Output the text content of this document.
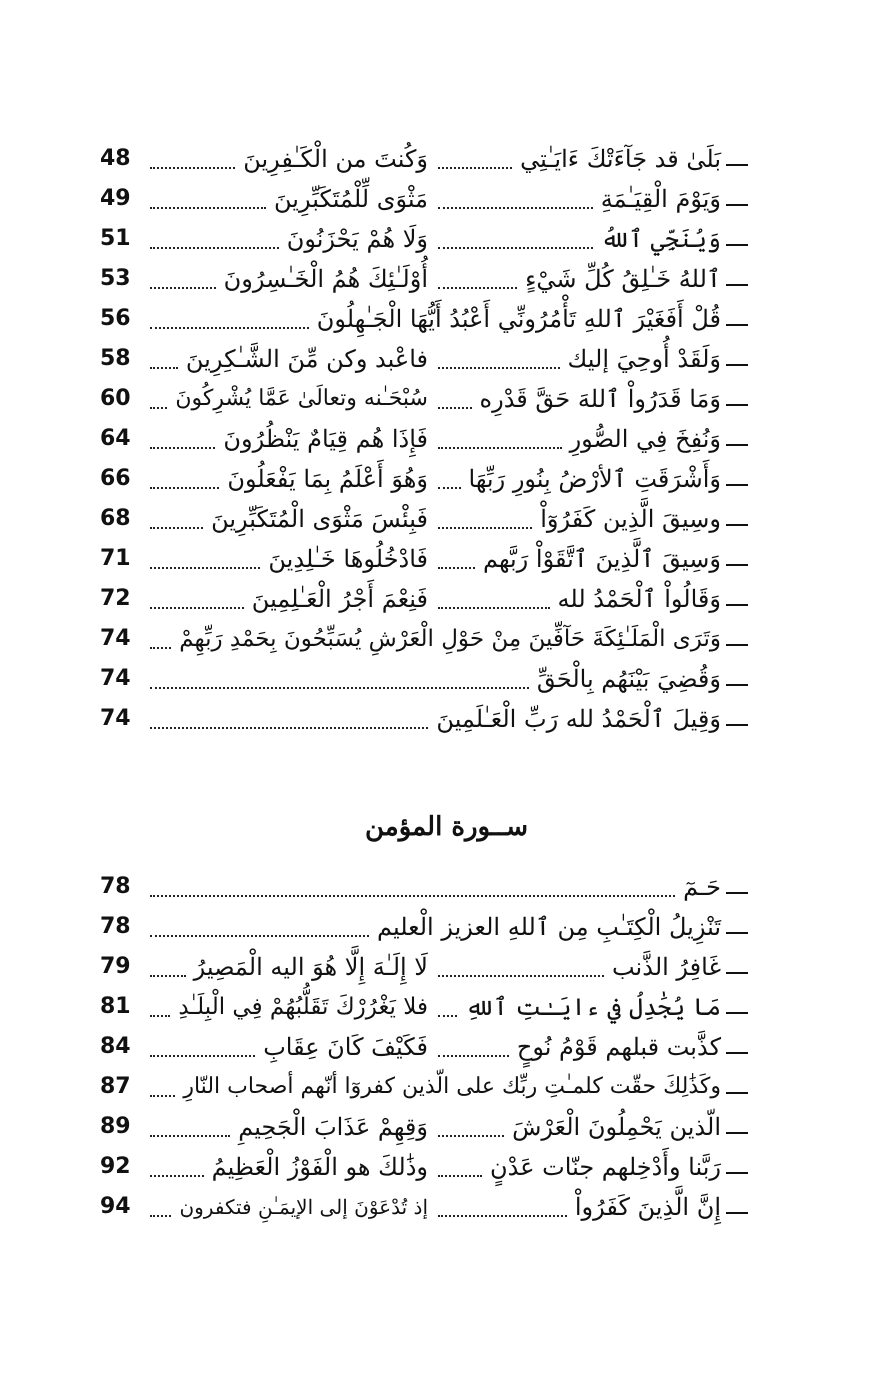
بَلَىٰ قد جَآءَتْكَ ءَايَـٰتِي
وَكُنتَ من الْكَـٰفِرِينَ
48
وَيَوْمَ الْقِيَـٰمَةِ
مَثْوَى لِّلْمُتَكَبِّرِينَ
49
وَيُنَجِّي ٱللهُ
وَلَا هُمْ يَحْزَنُونَ
51
ٱللهُ خَـٰلِقُ كُلِّ شَيْءٍ
أُوْلَـٰئِكَ هُمُ الْخَـٰسِرُونَ
53
قُلْ أَفَغَيْرَ ٱللهِ تَأْمُرُونِّي أَعْبُدُ أَيُّهَا الْجَـٰهِلُونَ
56
وَلَقَدْ أُوحِيَ إليك
فاعْبد وكن مِّنَ الشَّـٰكِرِينَ
58
وَمَا قَدَرُواْ ٱللهَ حَقَّ قَدْرِه
سُبْحَـٰنه وتعالَىٰ عَمَّا يُشْرِكُونَ
60
وَنُفِخَ فِي الصُّورِ
فَإِذَا هُم قِيَامٌ يَنْظُرُونَ
64
وَأَشْرَقَتِ ٱلأرْضُ بِنُورِ رَبِّهَا
وَهُوَ أَعْلَمُ بِمَا يَفْعَلُونَ
66
وسِيقَ الَّذِين كَفَرُوٓاْ
فَبِئْسَ مَثْوَى الْمُتَكَبِّرِينَ
68
وَسِيقَ ٱلَّذِينَ ٱتَّقَوْاْ رَبَّهم
فَادْخُلُوهَا خَـٰلِدِينَ
71
وَقَالُواْ ٱلْحَمْدُ لله
فَنِعْمَ أَجْرُ الْعَـٰلِمِينَ
72
وَتَرَى الْمَلَـٰئِكَةَ حَآفِّينَ مِنْ حَوْلِ الْعَرْشِ يُسَبِّحُونَ بِحَمْدِ رَبِّهِمْ
74
وَقُضِيَ بَيْنَهُم بِالْحَقِّ
74
وَقِيلَ ٱلْحَمْدُ لله رَبِّ الْعَـٰلَمِينَ
74
ســورة المؤمن
حَـمٓ
78
تَنْزِيلُ الْكِتَـٰبِ مِن ٱللهِ العزيز الْعليم
78
غَافِرُ الذَّنب
لَا إِلَـٰهَ إِلَّا هُوَ اليه الْمَصِيرُ
79
مَا يُجَٰدِلُ في ءايَـٰتِ ٱللهِ
فلا يَغْرُرْكَ تَقَلُّبُهُمْ فِي الْبِلَـٰدِ
81
كذَّبت قبلهم قَوْمُ نُوحٍ
فَكَيْفَ كَانَ عِقَابِ
84
وكَذَٰلِكَ حقّت كلمـٰتِ ربِّك على الّذين كفروٓا أنّهم أصحاب النّارِ
87
الّذين يَحْمِلُونَ الْعَرْشَ
وَقِهِمْ عَذَابَ الْجَحِيمِ
89
رَبَّنا وأَدْخِلهم جنّات عَدْنٍ
وذَٰلكَ هو الْفَوْزُ الْعَظِيمُ
92
إِنَّ الَّذِينَ كَفَرُواْ
إذ تُدْعَوْنَ إلى الإيمَـٰنِ فتكفرون
94
